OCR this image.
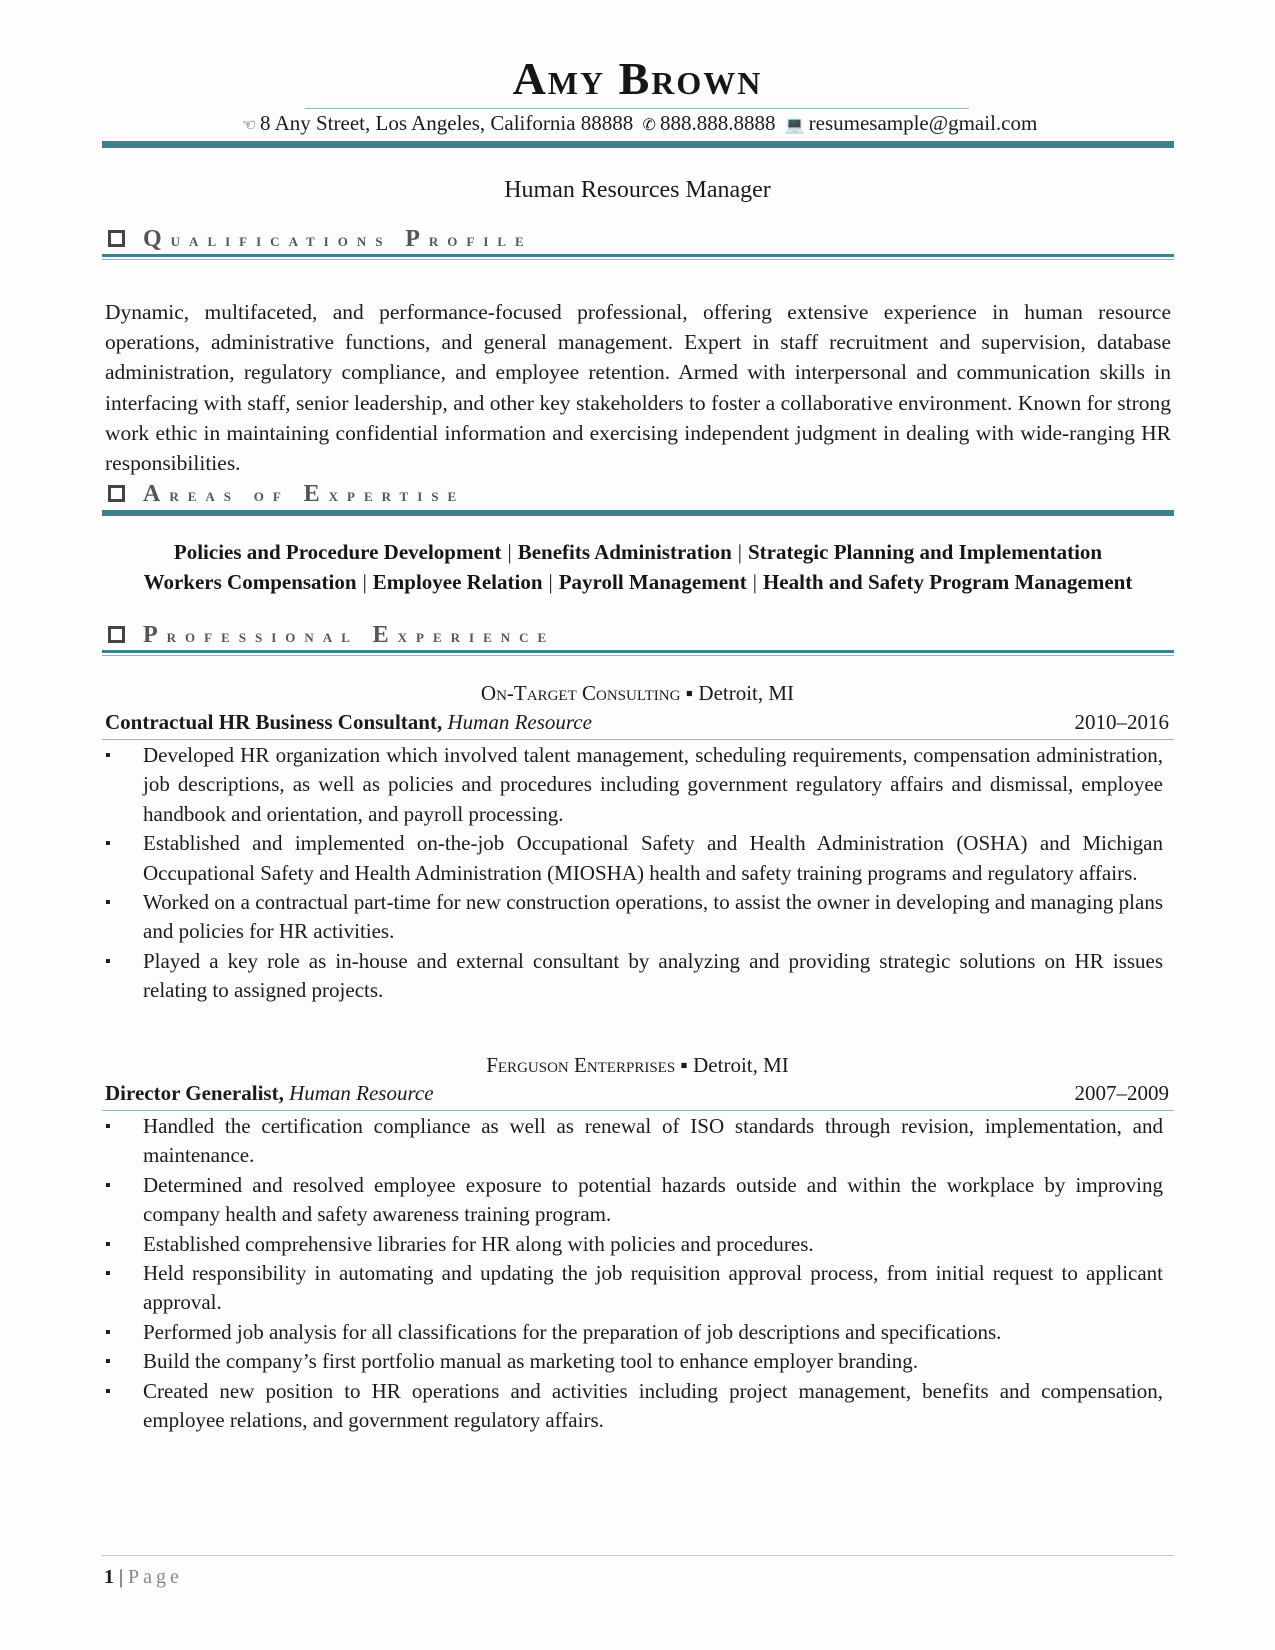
Amy Brown
☜ 8 Any Street, Los Angeles, California 88888 ✆ 888.888.8888 💻 resumesample@gmail.com
Human Resources Manager
Qualifications Profile
Dynamic, multifaceted, and performance-focused professional, offering extensive experience in human resource operations, administrative functions, and general management. Expert in staff recruitment and supervision, database administration, regulatory compliance, and employee retention. Armed with interpersonal and communication skills in interfacing with staff, senior leadership, and other key stakeholders to foster a collaborative environment. Known for strong work ethic in maintaining confidential information and exercising independent judgment in dealing with wide-ranging HR responsibilities.
Areas of Expertise
Policies and Procedure Development | Benefits Administration | Strategic Planning and Implementation
Workers Compensation | Employee Relation | Payroll Management | Health and Safety Program Management
Professional Experience
On-Target Consulting ▪ Detroit, MI
Contractual HR Business Consultant, Human Resource	2010–2016
▪ Developed HR organization which involved talent management, scheduling requirements, compensation administration, job descriptions, as well as policies and procedures including government regulatory affairs and dismissal, employee handbook and orientation, and payroll processing.
▪ Established and implemented on-the-job Occupational Safety and Health Administration (OSHA) and Michigan Occupational Safety and Health Administration (MIOSHA) health and safety training programs and regulatory affairs.
▪ Worked on a contractual part-time for new construction operations, to assist the owner in developing and managing plans and policies for HR activities.
▪ Played a key role as in-house and external consultant by analyzing and providing strategic solutions on HR issues relating to assigned projects.
Ferguson Enterprises ▪ Detroit, MI
Director Generalist, Human Resource	2007–2009
▪ Handled the certification compliance as well as renewal of ISO standards through revision, implementation, and maintenance.
▪ Determined and resolved employee exposure to potential hazards outside and within the workplace by improving company health and safety awareness training program.
▪ Established comprehensive libraries for HR along with policies and procedures.
▪ Held responsibility in automating and updating the job requisition approval process, from initial request to applicant approval.
▪ Performed job analysis for all classifications for the preparation of job descriptions and specifications.
▪ Build the company’s first portfolio manual as marketing tool to enhance employer branding.
▪ Created new position to HR operations and activities including project management, benefits and compensation, employee relations, and government regulatory affairs.
1 | Page
